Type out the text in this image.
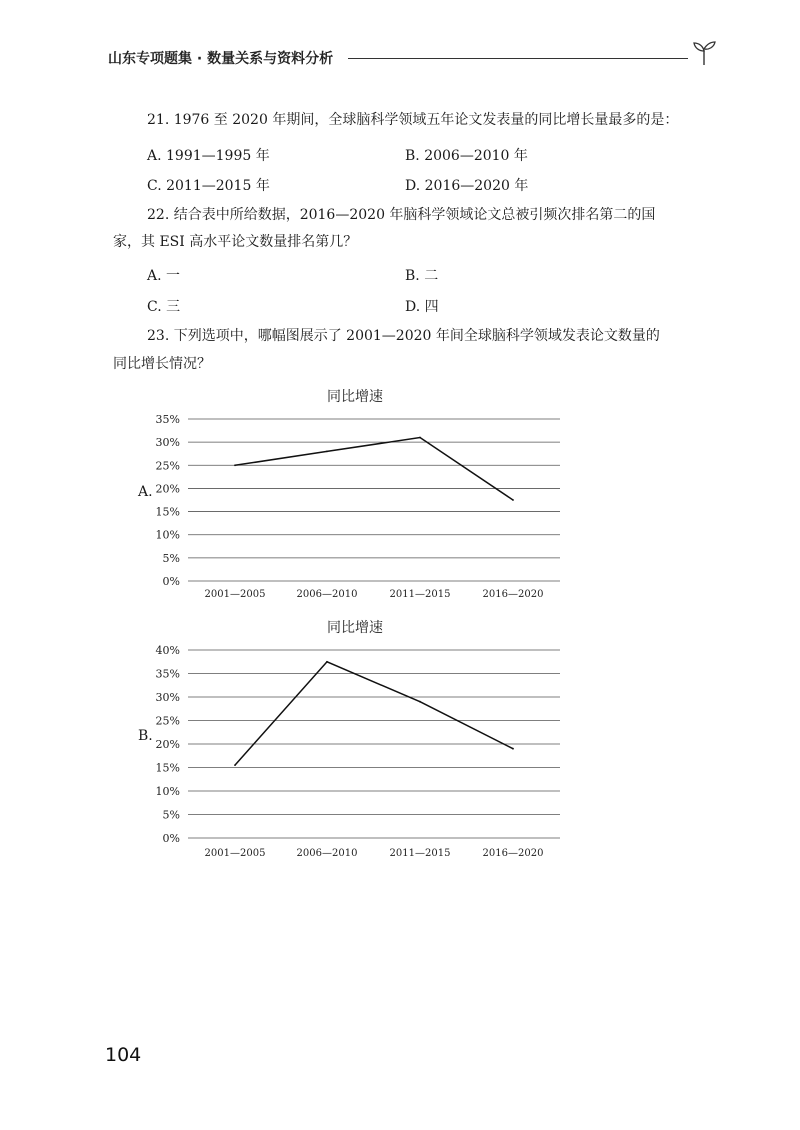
山东专项题集 · 数量关系与资料分析
21. 1976 至 2020 年期间，全球脑科学领域五年论文发表量的同比增长量最多的是：
A. 1991—1995 年	B. 2006—2010 年
C. 2011—2015 年	D. 2016—2020 年
22. 结合表中所给数据，2016—2020 年脑科学领域论文总被引频次排名第二的国
家，其 ESI 高水平论文数量排名第几？
A. 一	B. 二
C. 三	D. 四
23. 下列选项中，哪幅图展示了 2001—2020 年间全球脑科学领域发表论文数量的
同比增长情况？
A.
同比增速
0%
5%
10%
15%
20%
25%
30%
35%
2001—2005	2006—2010	2011—2015	2016—2020
B.
同比增速
0%
5%
10%
15%
20%
25%
30%
35%
40%
2001—2005	2006—2010	2011—2015	2016—2020
104
